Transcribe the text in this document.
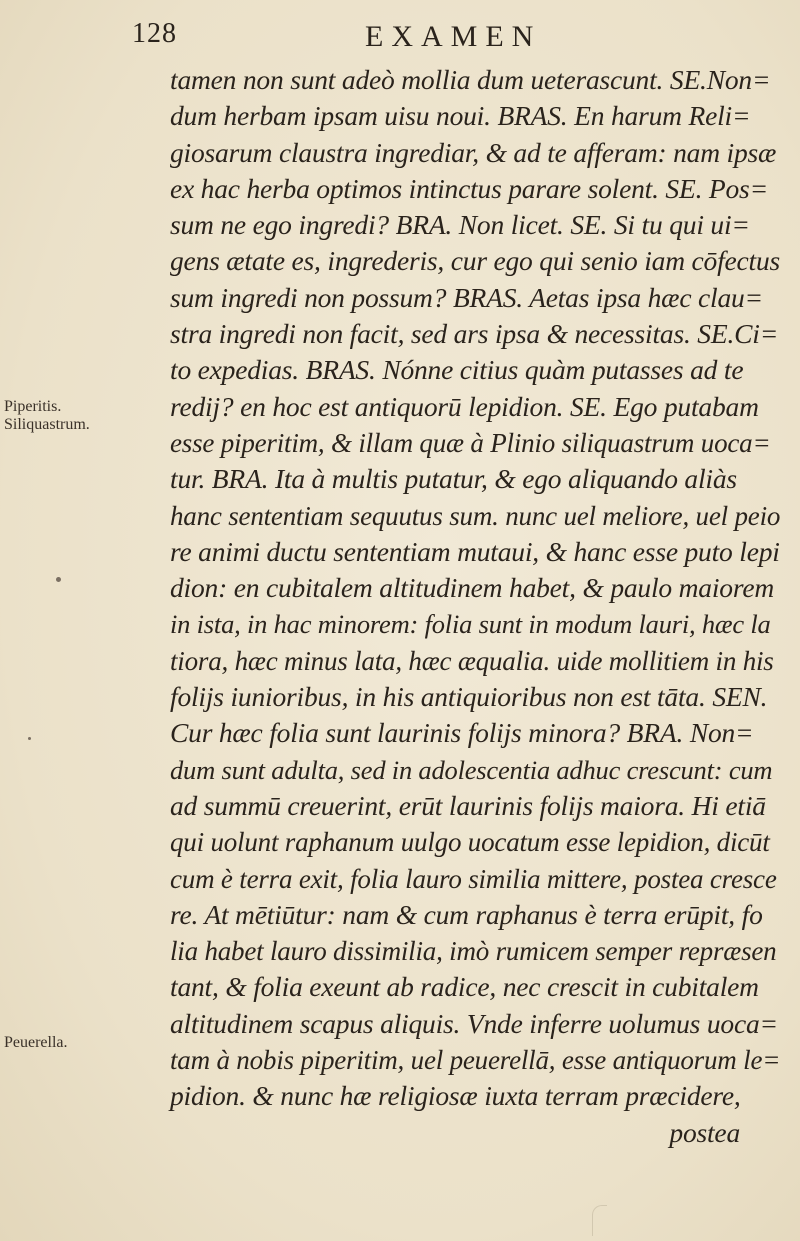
128	EXAMEN
Piperitis.
Siliquastrum.
Peuerella.
tamen non sunt adeò mollia dum ueterascunt. SE.Non=
dum herbam ipsam uisu noui. BRAS. En harum Reli=
giosarum claustra ingrediar, & ad te afferam: nam ipsæ
ex hac herba optimos intinctus parare solent. SE. Pos=
sum ne ego ingredi? BRA. Non licet. SE. Si tu qui ui=
gens ætate es, ingrederis, cur ego qui senio iam cōfectus
sum ingredi non possum? BRAS. Aetas ipsa hæc clau=
stra ingredi non facit, sed ars ipsa & necessitas. SE.Ci=
to expedias. BRAS. Nónne citius quàm putasses ad te
redij? en hoc est antiquorū lepidion. SE. Ego putabam
esse piperitim, & illam quæ à Plinio siliquastrum uoca=
tur. BRA. Ita à multis putatur, & ego aliquando aliàs
hanc sententiam sequutus sum. nunc uel meliore, uel peio
re animi ductu sententiam mutaui, & hanc esse puto lepi
dion: en cubitalem altitudinem habet, & paulo maiorem
in ista, in hac minorem: folia sunt in modum lauri, hæc la
tiora, hæc minus lata, hæc æqualia. uide mollitiem in his
folijs iunioribus, in his antiquioribus non est tāta. SEN.
Cur hæc folia sunt laurinis folijs minora? BRA. Non=
dum sunt adulta, sed in adolescentia adhuc crescunt: cum
ad summū creuerint, erūt laurinis folijs maiora. Hi etiā
qui uolunt raphanum uulgo uocatum esse lepidion, dicūt
cum è terra exit, folia lauro similia mittere, postea cresce
re. At mētiūtur: nam & cum raphanus è terra erūpit, fo
lia habet lauro dissimilia, imò rumicem semper repræsen
tant, & folia exeunt ab radice, nec crescit in cubitalem
altitudinem scapus aliquis. Vnde inferre uolumus uoca=
tam à nobis piperitim, uel peuerellā, esse antiquorum le=
pidion. & nunc hæ religiosæ iuxta terram præcidere,
postea
